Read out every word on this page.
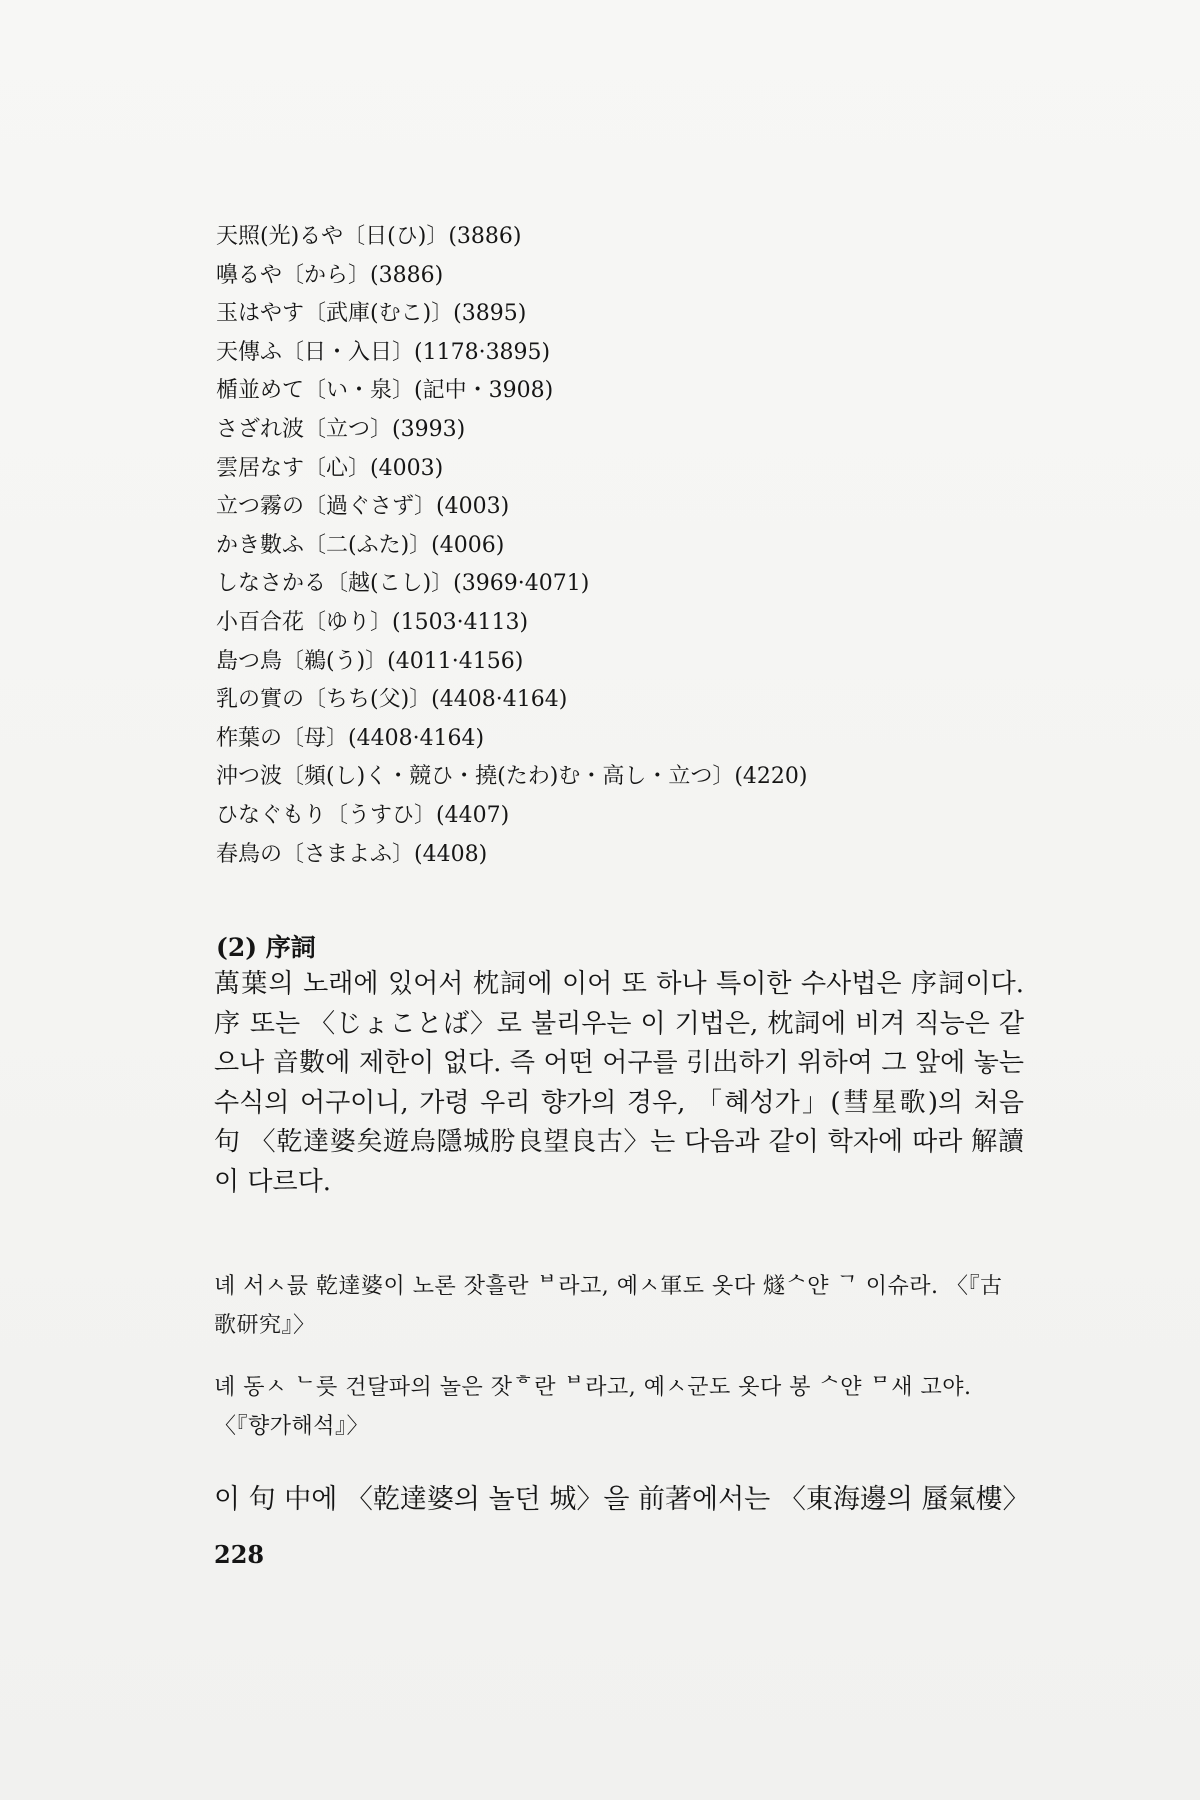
天照(光)るや〔日(ひ)〕(3886)
嚊るや〔から〕(3886)
玉はやす〔武庫(むこ)〕(3895)
天傳ふ〔日・入日〕(1178·3895)
楯並めて〔い・泉〕(記中・3908)
さざれ波〔立つ〕(3993)
雲居なす〔心〕(4003)
立つ霧の〔過ぐさず〕(4003)
かき數ふ〔二(ふた)〕(4006)
しなさかる〔越(こし)〕(3969·4071)
小百合花〔ゆり〕(1503·4113)
島つ鳥〔鵜(う)〕(4011·4156)
乳の實の〔ちち(父)〕(4408·4164)
柞葉の〔母〕(4408·4164)
沖つ波〔頻(し)く・競ひ・撓(たわ)む・高し・立つ〕(4220)
ひなぐもり〔うすひ〕(4407)
春鳥の〔さまよふ〕(4408)
(2) 序詞

萬葉의 노래에 있어서 枕詞에 이어 또 하나 특이한 수사법은 序詞이다. 序 또는 〈じょことば〉로 불리우는 이 기법은, 枕詞에 비겨 직능은 같으나 音數에 제한이 없다. 즉 어떤 어구를 引出하기 위하여 그 앞에 놓는 수식의 어구이니, 가령 우리 향가의 경우, 「혜성가」(彗星歌)의 처음 句 〈乾達婆矣遊烏隱城肹良望良古〉는 다음과 같이 학자에 따라 解讀이 다르다.

녜 서ㅅ믌 乾達婆이 노론 잣흘란 ᄇ라고, 예ㅅ軍도 옷다 燧ᄉ얀 ᄀ 이슈라. 〈『古歌研究』〉

녜 동ㅅ ᄂ릇 건달파의 놀은 잣ᄒ란 ᄇ라고, 예ㅅ군도 옷다 봉 ᄉ얀 ᄆ새 고야. 〈『향가해석』〉

이 句 中에 〈乾達婆의 놀던 城〉을 前著에서는 〈東海邊의 蜃氣樓〉

228
